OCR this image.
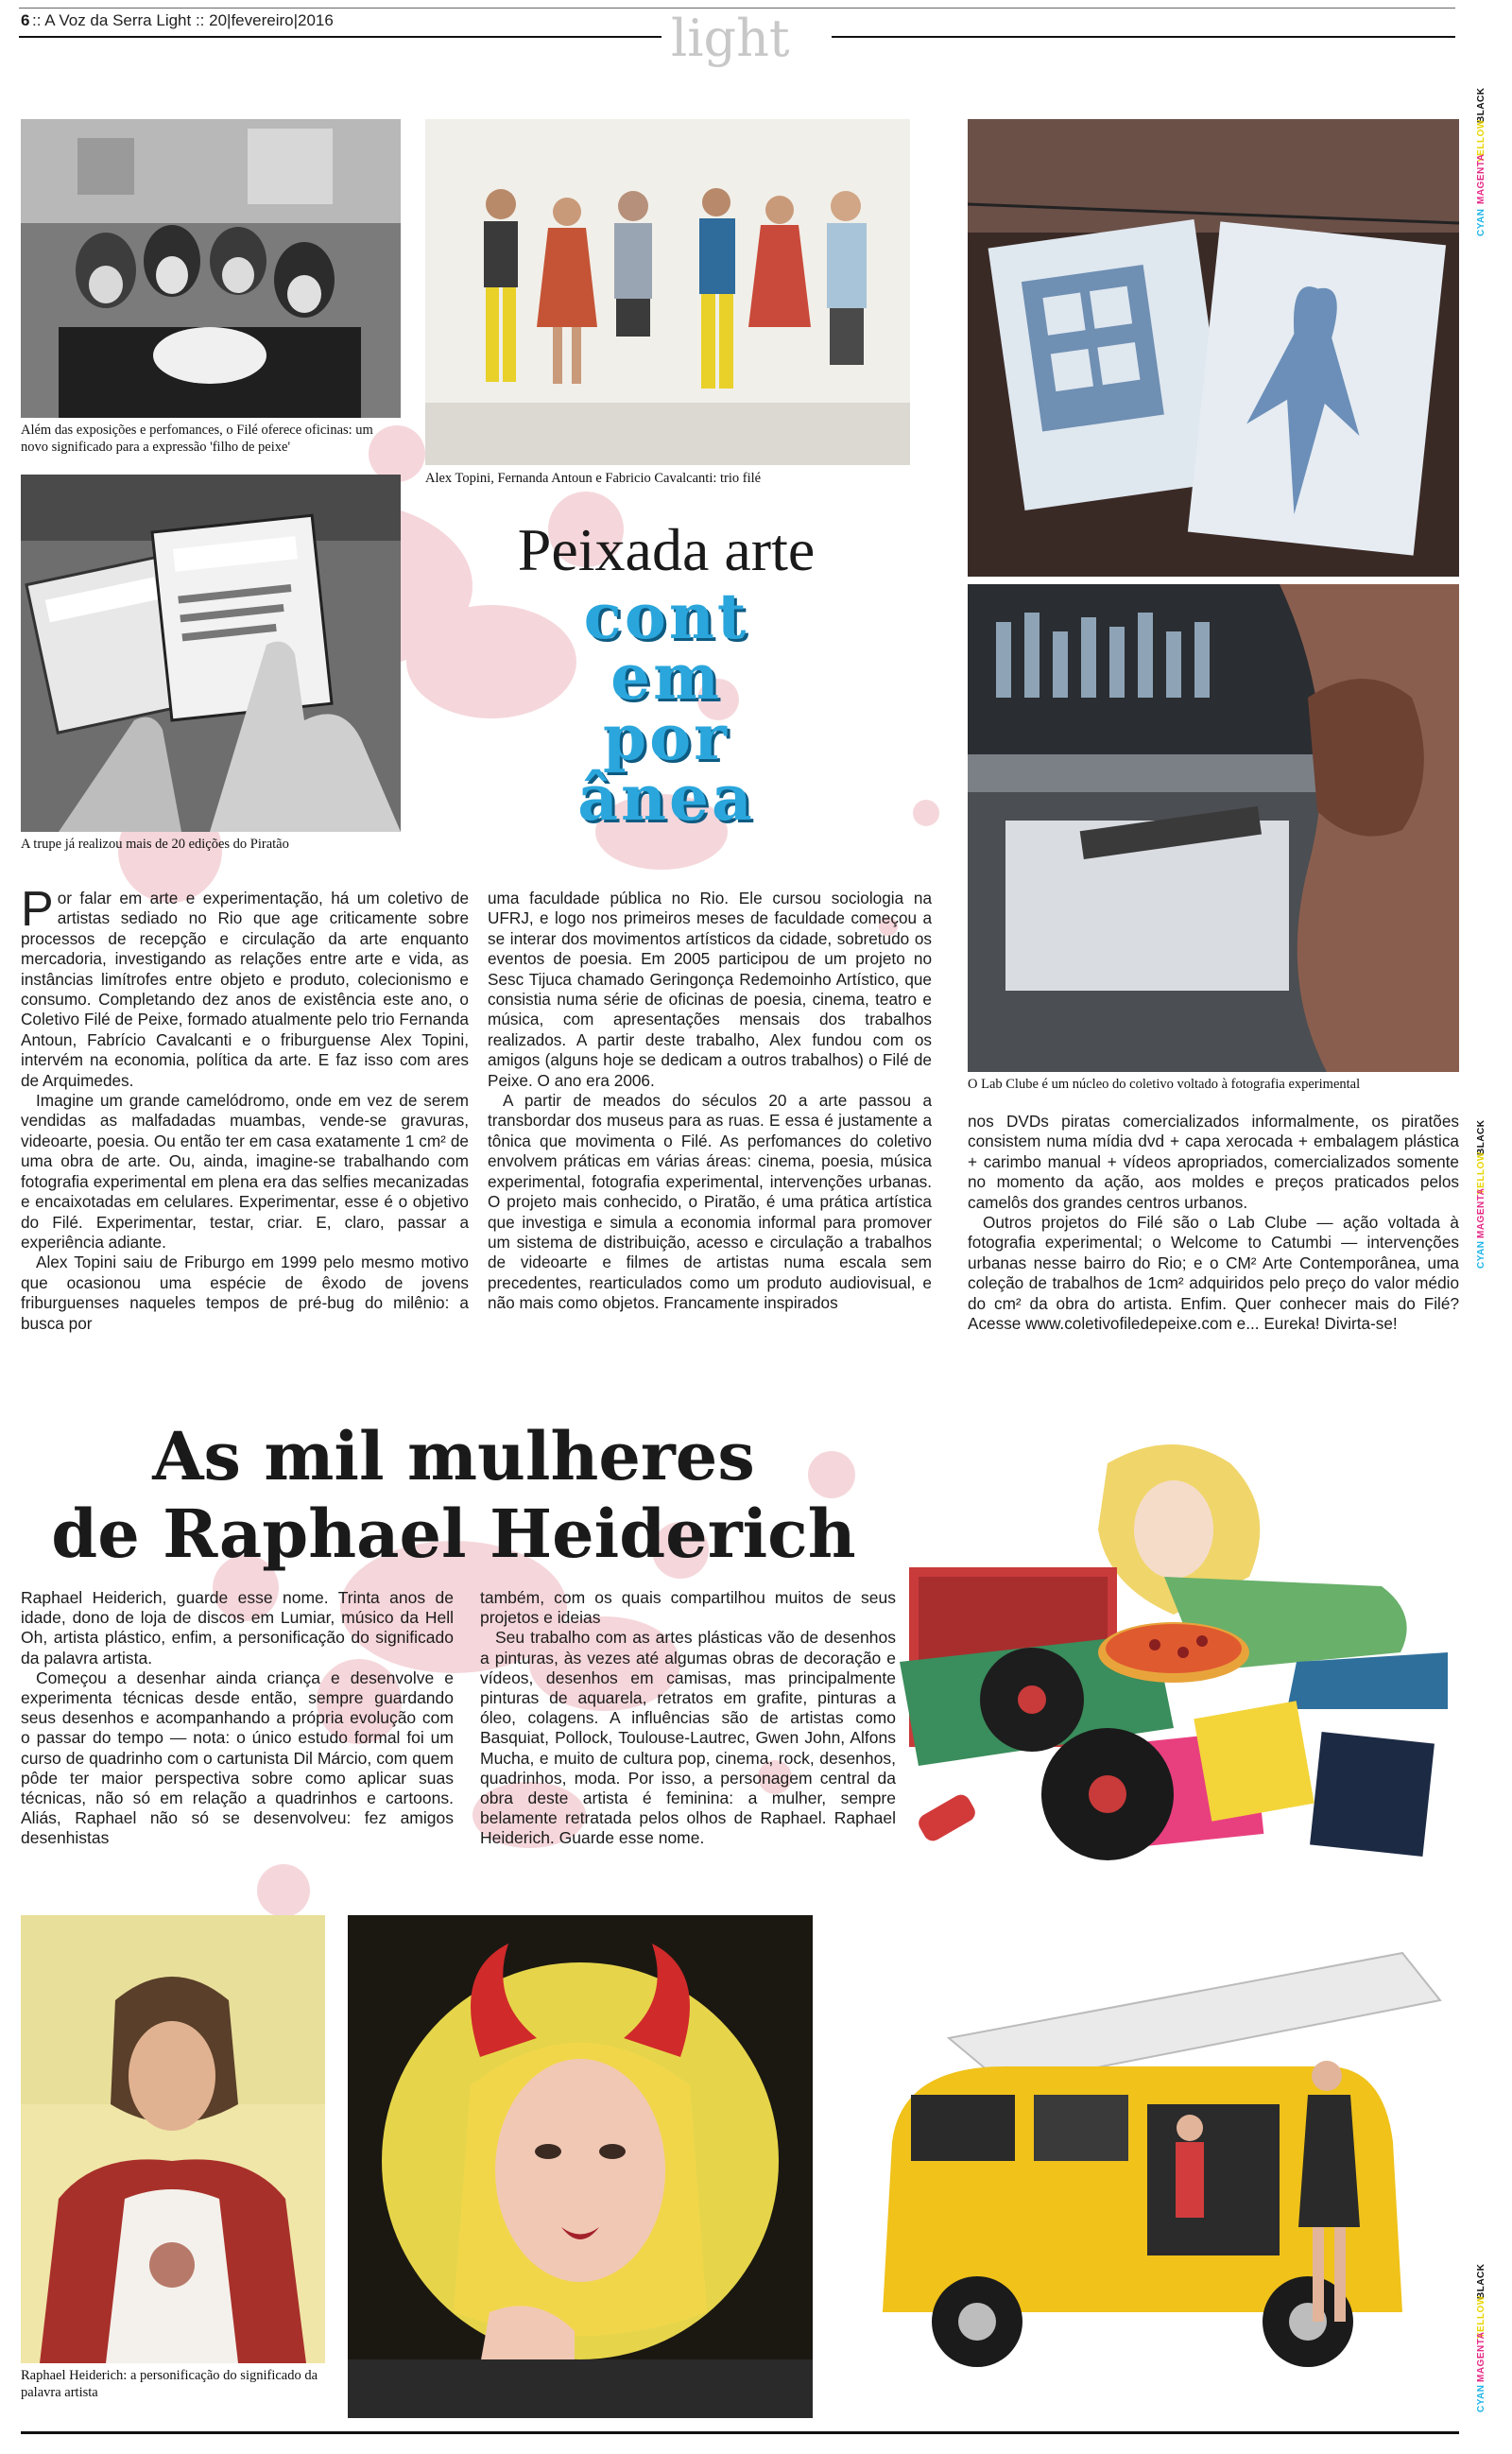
6 :: A Voz da Serra Light :: 20|fevereiro|2016	light
BLACK
YELLOW
MAGENTA
CYAN
BLACK
YELLOW
MAGENTA
CYAN
BLACK
YELLOW
MAGENTA
CYAN
Além das exposições e perfomances, o Filé oferece oficinas: um novo significado para a expressão 'filho de peixe'
Alex Topini, Fernanda Antoun e Fabricio Cavalcanti: trio filé
A trupe já realizou mais de 20 edições do Piratão
O Lab Clube é um núcleo do coletivo voltado à fotografia experimental
Peixada arte
cont
em
por
ânea

Por falar em arte e experimentação, há um coletivo de artistas sediado no Rio que age criticamente sobre processos de recepção e circulação da arte enquanto mercadoria, investigando as relações entre arte e vida, as instâncias limítrofes entre objeto e produto, colecionismo e consumo. Completando dez anos de existência este ano, o Coletivo Filé de Peixe, formado atualmente pelo trio Fernanda Antoun, Fabrício Cavalcanti e o friburguense Alex Topini, intervém na economia, política da arte. E faz isso com ares de Arquimedes.

Imagine um grande camelódromo, onde em vez de serem vendidas as malfadadas muambas, vende-se gravuras, videoarte, poesia. Ou então ter em casa exatamente 1 cm² de uma obra de arte. Ou, ainda, imagine-se trabalhando com fotografia experimental em plena era das selfies mecanizadas e encaixotadas em celulares. Experimentar, esse é o objetivo do Filé. Experimentar, testar, criar. E, claro, passar a experiência adiante.

Alex Topini saiu de Friburgo em 1999 pelo mesmo motivo que ocasionou uma espécie de êxodo de jovens friburguenses naqueles tempos de pré-bug do milênio: a busca por

uma faculdade pública no Rio. Ele cursou sociologia na UFRJ, e logo nos primeiros meses de faculdade começou a se interar dos movimentos artísticos da cidade, sobretudo os eventos de poesia. Em 2005 participou de um projeto no Sesc Tijuca chamado Geringonça Redemoinho Artístico, que consistia numa série de oficinas de poesia, cinema, teatro e música, com apresentações mensais dos trabalhos realizados. A partir deste trabalho, Alex fundou com os amigos (alguns hoje se dedicam a outros trabalhos) o Filé de Peixe. O ano era 2006.

A partir de meados do séculos 20 a arte passou a transbordar dos museus para as ruas. E essa é justamente a tônica que movimenta o Filé. As perfomances do coletivo envolvem práticas em várias áreas: cinema, poesia, música experimental, fotografia experimental, intervenções urbanas. O projeto mais conhecido, o Piratão, é uma prática artística que investiga e simula a economia informal para promover um sistema de distribuição, acesso e circulação a trabalhos de videoarte e filmes de artistas numa escala sem precedentes, rearticulados como um produto audiovisual, e não mais como objetos. Francamente inspirados

nos DVDs piratas comercializados informalmente, os piratões consistem numa mídia dvd + capa xerocada + embalagem plástica + carimbo manual + vídeos apropriados, comercializados somente no momento da ação, aos moldes e preços praticados pelos camelôs dos grandes centros urbanos.

Outros projetos do Filé são o Lab Clube — ação voltada à fotografia experimental; o Welcome to Catumbi — intervenções urbanas nesse bairro do Rio; e o CM² Arte Contemporânea, uma coleção de trabalhos de 1cm² adquiridos pelo preço do valor médio do cm² da obra do artista. Enfim. Quer conhecer mais do Filé? Acesse www.coletivofiledepeixe.com e... Eureka! Divirta-se!

As mil mulheres
de Raphael Heiderich

Raphael Heiderich, guarde esse nome. Trinta anos de idade, dono de loja de discos em Lumiar, músico da Hell Oh, artista plástico, enfim, a personificação do significado da palavra artista.

Começou a desenhar ainda criança e desenvolve e experimenta técnicas desde então, sempre guardando seus desenhos e acompanhando a própria evolução com o passar do tempo — nota: o único estudo formal foi um curso de quadrinho com o cartunista Dil Márcio, com quem pôde ter maior perspectiva sobre como aplicar suas técnicas, não só em relação a quadrinhos e cartoons. Aliás, Raphael não só se desenvolveu: fez amigos desenhistas

também, com os quais compartilhou muitos de seus projetos e ideias

Seu trabalho com as artes plásticas vão de desenhos a pinturas, às vezes até algumas obras de decoração e vídeos, desenhos em camisas, mas principalmente pinturas de aquarela, retratos em grafite, pinturas a óleo, colagens. A influências são de artistas como Basquiat, Pollock, Toulouse-Lautrec, Gwen John, Alfons Mucha, e muito de cultura pop, cinema, rock, desenhos, quadrinhos, moda. Por isso, a personagem central da obra deste artista é feminina: a mulher, sempre belamente retratada pelos olhos de Raphael. Raphael Heiderich. Guarde esse nome.

Raphael Heiderich: a personificação do significado da palavra artista
